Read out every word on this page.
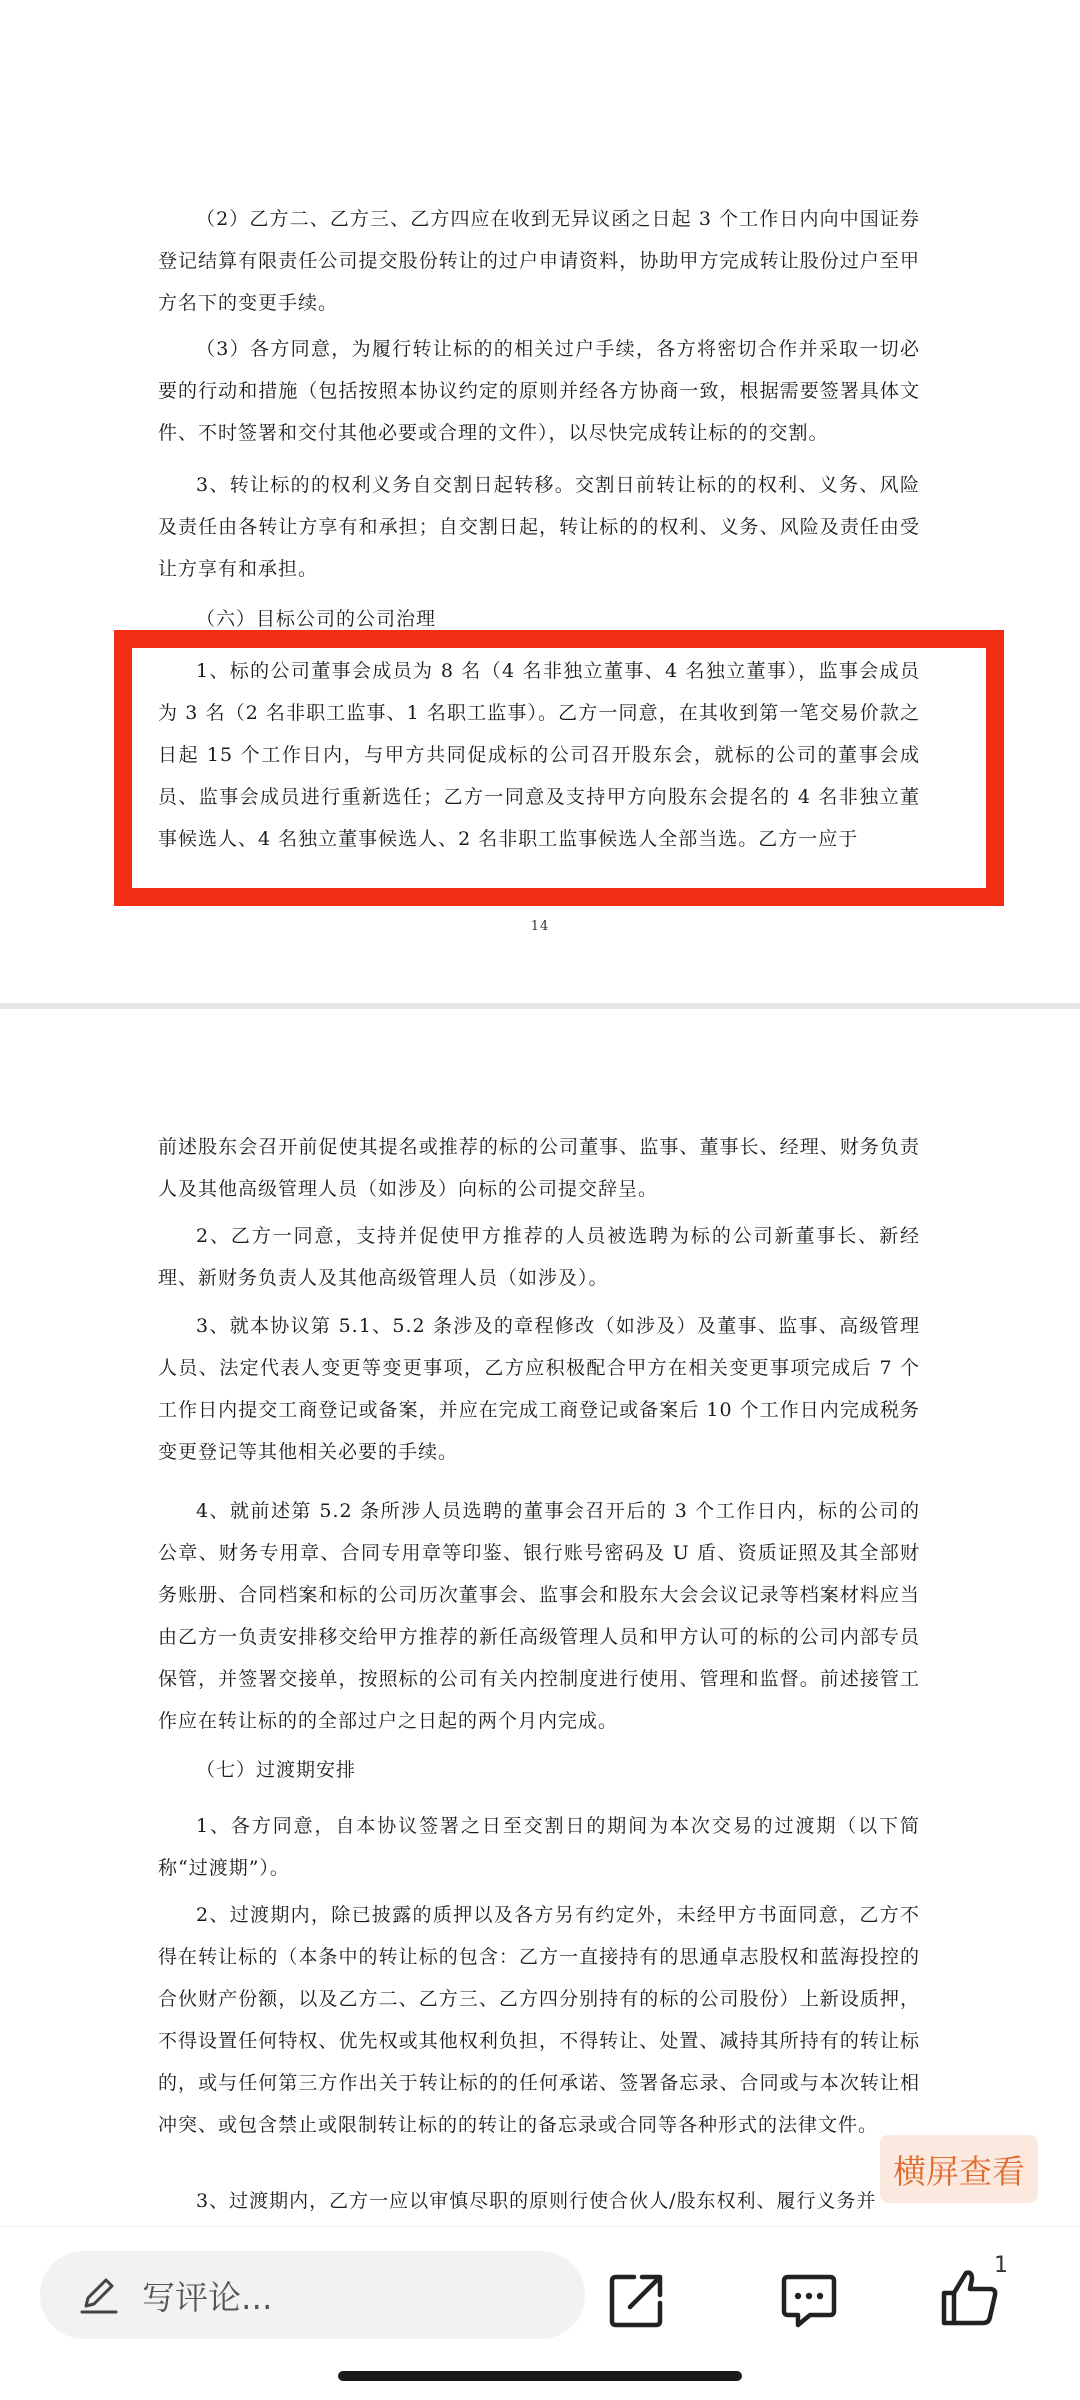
（2）乙方二、乙方三、乙方四应在收到无异议函之日起 3 个工作日内向中国证券登记结算有限责任公司提交股份转让的过户申请资料，协助甲方完成转让股份过户至甲方名下的变更手续。

（3）各方同意，为履行转让标的的相关过户手续，各方将密切合作并采取一切必要的行动和措施（包括按照本协议约定的原则并经各方协商一致，根据需要签署具体文件、不时签署和交付其他必要或合理的文件），以尽快完成转让标的的交割。

3、转让标的的权利义务自交割日起转移。交割日前转让标的的权利、义务、风险及责任由各转让方享有和承担；自交割日起，转让标的的权利、义务、风险及责任由受让方享有和承担。

（六）目标公司的公司治理

1、标的公司董事会成员为 8 名（4 名非独立董事、4 名独立董事），监事会成员为 3 名（2 名非职工监事、1 名职工监事）。乙方一同意，在其收到第一笔交易价款之日起 15 个工作日内，与甲方共同促成标的公司召开股东会，就标的公司的董事会成员、监事会成员进行重新选任；乙方一同意及支持甲方向股东会提名的 4 名非独立董事候选人、4 名独立董事候选人、2 名非职工监事候选人全部当选。乙方一应于

14

前述股东会召开前促使其提名或推荐的标的公司董事、监事、董事长、经理、财务负责人及其他高级管理人员（如涉及）向标的公司提交辞呈。

2、乙方一同意，支持并促使甲方推荐的人员被选聘为标的公司新董事长、新经理、新财务负责人及其他高级管理人员（如涉及）。

3、就本协议第 5.1、5.2 条涉及的章程修改（如涉及）及董事、监事、高级管理人员、法定代表人变更等变更事项，乙方应积极配合甲方在相关变更事项完成后 7 个工作日内提交工商登记或备案，并应在完成工商登记或备案后 10 个工作日内完成税务变更登记等其他相关必要的手续。

4、就前述第 5.2 条所涉人员选聘的董事会召开后的 3 个工作日内，标的公司的公章、财务专用章、合同专用章等印鉴、银行账号密码及 U 盾、资质证照及其全部财务账册、合同档案和标的公司历次董事会、监事会和股东大会会议记录等档案材料应当由乙方一负责安排移交给甲方推荐的新任高级管理人员和甲方认可的标的公司内部专员保管，并签署交接单，按照标的公司有关内控制度进行使用、管理和监督。前述接管工作应在转让标的的全部过户之日起的两个月内完成。

（七）过渡期安排

1、各方同意，自本协议签署之日至交割日的期间为本次交易的过渡期（以下简称“过渡期”）。

2、过渡期内，除已披露的质押以及各方另有约定外，未经甲方书面同意，乙方不得在转让标的（本条中的转让标的包含：乙方一直接持有的思通卓志股权和蓝海投控的合伙财产份额，以及乙方二、乙方三、乙方四分别持有的标的公司股份）上新设质押，不得设置任何特权、优先权或其他权利负担，不得转让、处置、减持其所持有的转让标的，或与任何第三方作出关于转让标的的任何承诺、签署备忘录、合同或与本次转让相冲突、或包含禁止或限制转让标的的转让的备忘录或合同等各种形式的法律文件。

3、过渡期内，乙方一应以审慎尽职的原则行使合伙人/股东权利、履行义务并

横屏查看
写评论...
1
